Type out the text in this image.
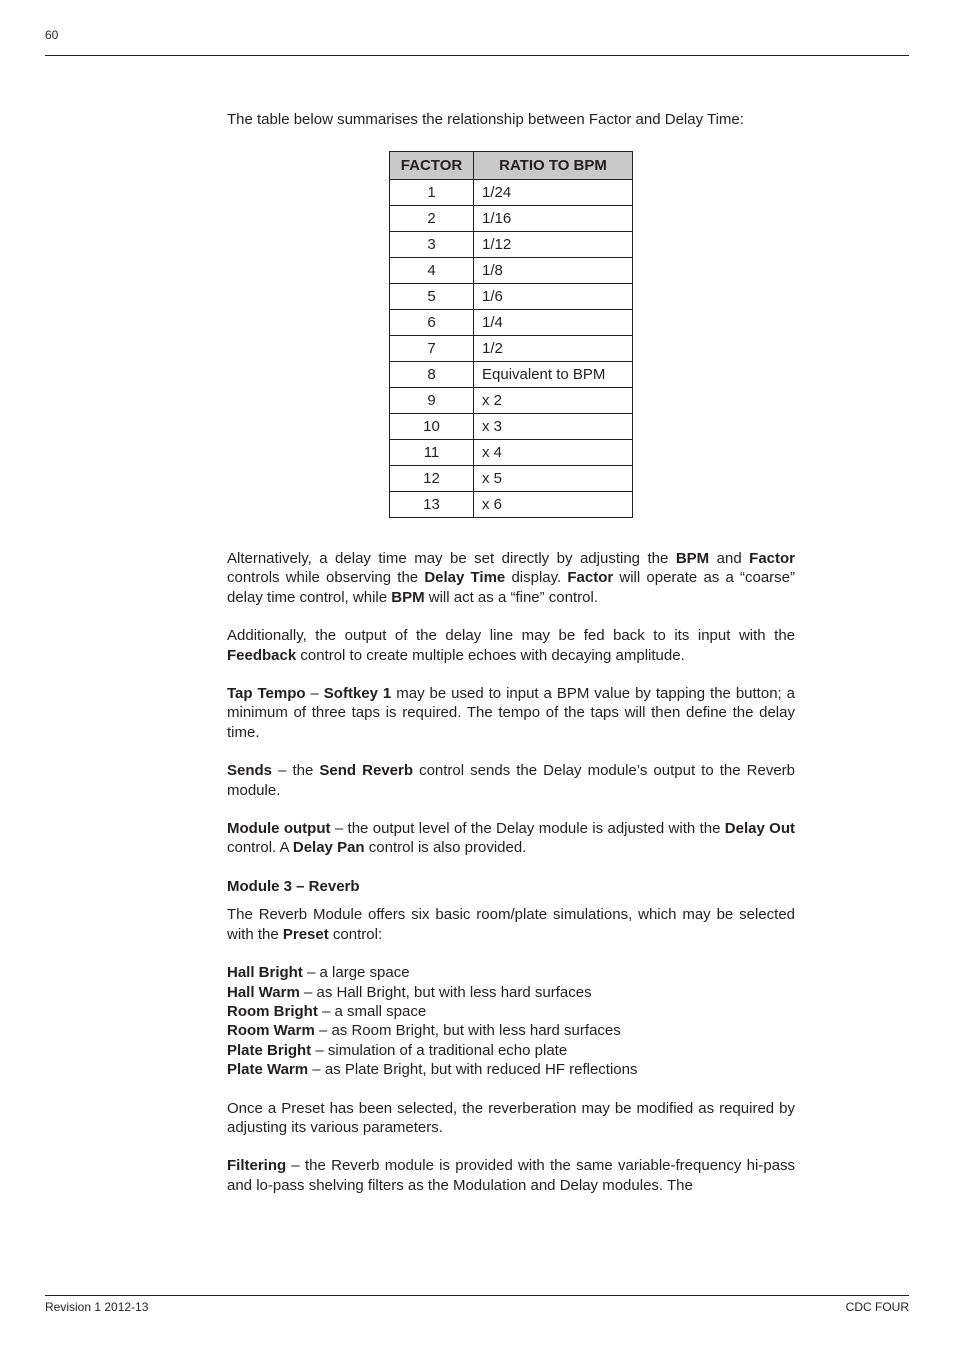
60

The table below summarises the relationship between Factor and Delay Time:

FACTOR	RATIO TO BPM
1	1/24
2	1/16
3	1/12
4	1/8
5	1/6
6	1/4
7	1/2
8	Equivalent to BPM
9	x 2
10	x 3
11	x 4
12	x 5
13	x 6

Alternatively, a delay time may be set directly by adjusting the BPM and Factor controls while observing the Delay Time display. Factor will operate as a “coarse” delay time control, while BPM will act as a “fine” control.

Additionally, the output of the delay line may be fed back to its input with the Feedback control to create multiple echoes with decaying amplitude.

Tap Tempo – Softkey 1 may be used to input a BPM value by tapping the button; a minimum of three taps is required. The tempo of the taps will then define the delay time.

Sends – the Send Reverb control sends the Delay module’s output to the Reverb module.

Module output – the output level of the Delay module is adjusted with the Delay Out control. A Delay Pan control is also provided.

Module 3 – Reverb

The Reverb Module offers six basic room/plate simulations, which may be selected with the Preset control:

Hall Bright – a large space
Hall Warm – as Hall Bright, but with less hard surfaces
Room Bright – a small space
Room Warm – as Room Bright, but with less hard surfaces
Plate Bright – simulation of a traditional echo plate
Plate Warm – as Plate Bright, but with reduced HF reflections

Once a Preset has been selected, the reverberation may be modified as required by adjusting its various parameters.

Filtering – the Reverb module is provided with the same variable-frequency hi-pass and lo-pass shelving filters as the Modulation and Delay modules. The

Revision 1 2012-13	CDC FOUR
